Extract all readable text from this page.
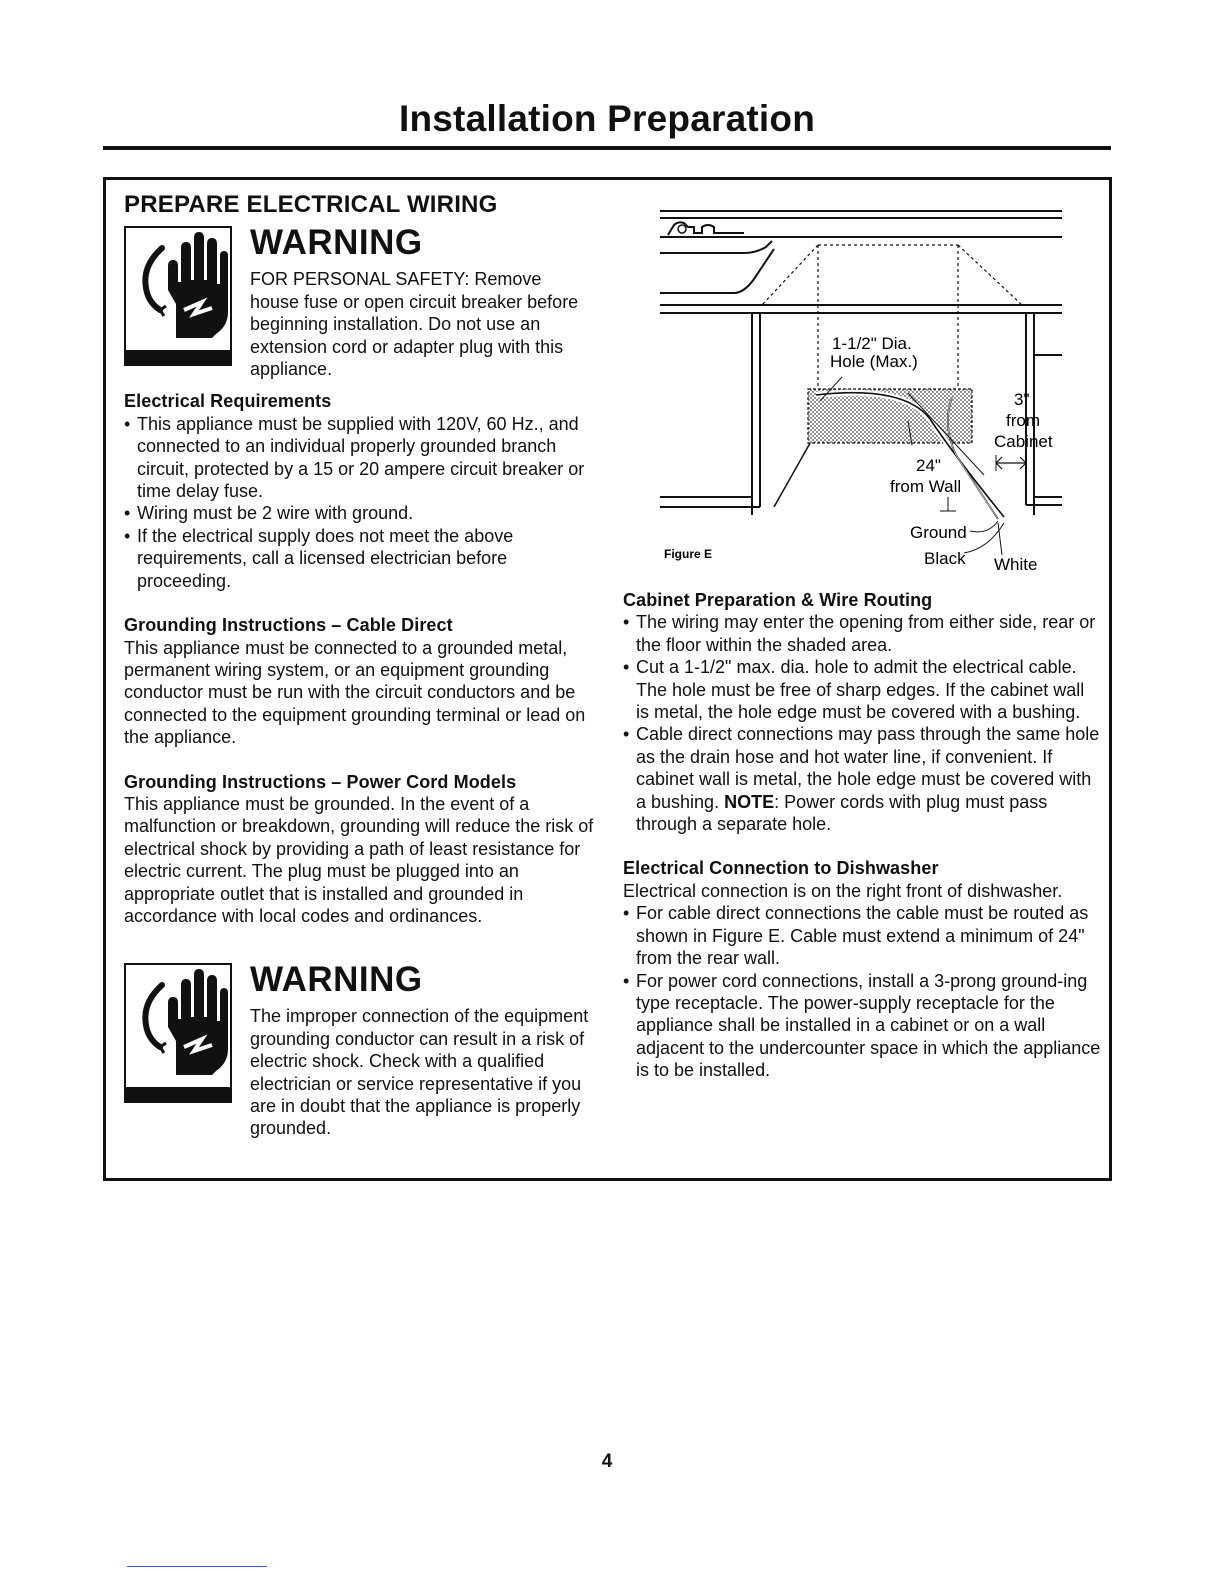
Installation Preparation
PREPARE ELECTRICAL WIRING
WARNING

FOR PERSONAL SAFETY: Remove house fuse or open circuit breaker before beginning installation. Do not use an extension cord or adapter plug with this appliance.

Electrical Requirements
• This appliance must be supplied with 120V, 60 Hz., and connected to an individual properly grounded branch circuit, protected by a 15 or 20 ampere circuit breaker or time delay fuse.
• Wiring must be 2 wire with ground.
• If the electrical supply does not meet the above requirements, call a licensed electrician before proceeding.
Grounding Instructions – Cable Direct

This appliance must be connected to a grounded metal, permanent wiring system, or an equipment grounding conductor must be run with the circuit conductors and be connected to the equipment grounding terminal or lead on the appliance.

Grounding Instructions – Power Cord Models

This appliance must be grounded. In the event of a malfunction or breakdown, grounding will reduce the risk of electrical shock by providing a path of least resistance for electric current. The plug must be plugged into an appropriate outlet that is installed and grounded in accordance with local codes and ordinances.

WARNING

The improper connection of the equipment grounding conductor can result in a risk of electric shock. Check with a qualified electrician or service representative if you are in doubt that the appliance is properly grounded.

1-1/2" Dia.
Hole (Max.)
3"
from
Cabinet
24"
from Wall
Ground
Black White
Figure E
Cabinet Preparation & Wire Routing
• The wiring may enter the opening from either side, rear or the floor within the shaded area.
• Cut a 1-1/2" max. dia. hole to admit the electrical cable. The hole must be free of sharp edges. If the cabinet wall is metal, the hole edge must be covered with a bushing.
• Cable direct connections may pass through the same hole as the drain hose and hot water line, if convenient. If cabinet wall is metal, the hole edge must be covered with a bushing. NOTE: Power cords with plug must pass through a separate hole.
Electrical Connection to Dishwasher

Electrical connection is on the right front of dishwasher.

• For cable direct connections the cable must be routed as shown in Figure E. Cable must extend a minimum of 24" from the rear wall.
• For power cord connections, install a 3-prong ground-ing type receptacle. The power-supply receptacle for the appliance shall be installed in a cabinet or on a wall adjacent to the undercounter space in which the appliance is to be installed.
4
